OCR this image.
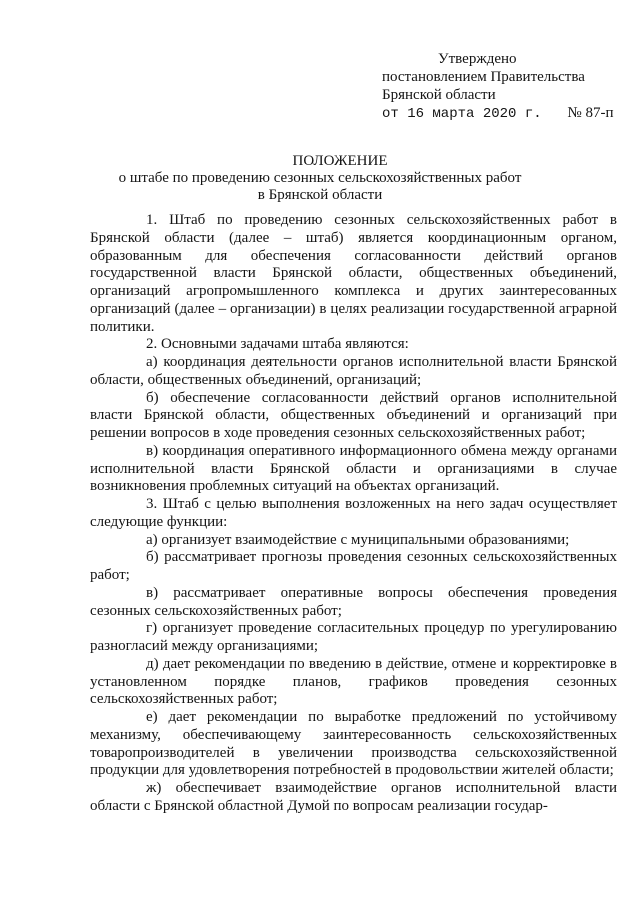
Утверждено
постановлением Правительства
Брянской области
от 16 марта 2020 г. № 87-п
ПОЛОЖЕНИЕ
о штабе по проведению сезонных сельскохозяйственных работ
в Брянской области

1. Штаб по проведению сезонных сельскохозяйственных работ в Брянской области (далее – штаб) является координационным органом, образованным для обеспечения согласованности действий органов государственной власти Брянской области, общественных объединений, организаций агропромышленного комплекса и других заинтересованных организаций (далее – организации) в целях реализации государственной аграрной политики.

2. Основными задачами штаба являются:

а) координация деятельности органов исполнительной власти Брянской области, общественных объединений, организаций;

б) обеспечение согласованности действий органов исполнительной власти Брянской области, общественных объединений и организаций при решении вопросов в ходе проведения сезонных сельскохозяйственных работ;

в) координация оперативного информационного обмена между органами исполнительной власти Брянской области и организациями в случае возникновения проблемных ситуаций на объектах организаций.

3. Штаб с целью выполнения возложенных на него задач осуществляет следующие функции:

а) организует взаимодействие с муниципальными образованиями;

б) рассматривает прогнозы проведения сезонных сельскохозяйственных работ;

в) рассматривает оперативные вопросы обеспечения проведения сезонных сельскохозяйственных работ;

г) организует проведение согласительных процедур по урегулированию разногласий между организациями;

д) дает рекомендации по введению в действие, отмене и корректировке в установленном порядке планов, графиков проведения сезонных сельскохозяйственных работ;

е) дает рекомендации по выработке предложений по устойчивому механизму, обеспечивающему заинтересованность сельскохозяйственных товаропроизводителей в увеличении производства сельскохозяйственной продукции для удовлетворения потребностей в продовольствии жителей области;

ж) обеспечивает взаимодействие органов исполнительной власти области с Брянской областной Думой по вопросам реализации государ-
